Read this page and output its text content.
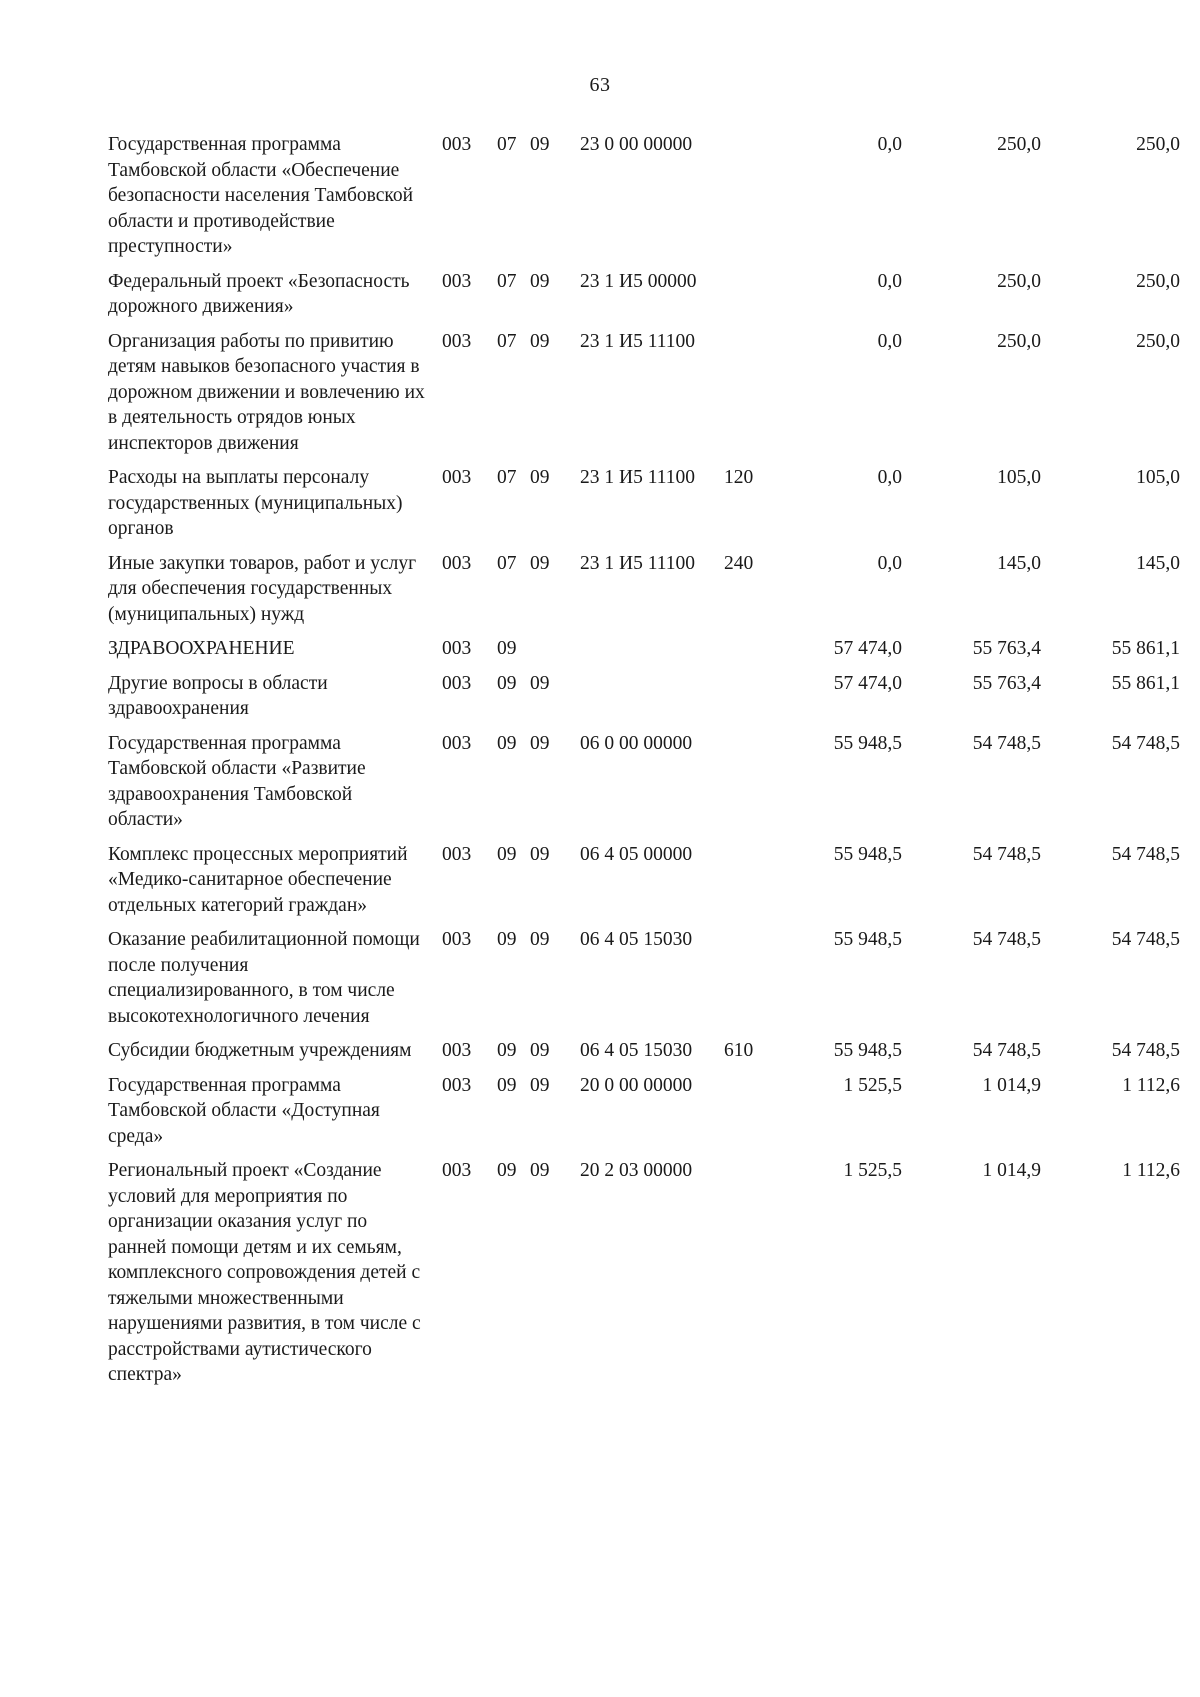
63
Государственная программа Тамбовской области «Обеспечение безопасности населения Тамбовской области и противодействие преступности»
003 07 09 23 0 00 00000	0,0	250,0	250,0
Федеральный проект «Безопасность дорожного движения»
003 07 09 23 1 И5 00000	0,0	250,0	250,0
Организация работы по привитию детям навыков безопасного участия в дорожном движении и вовлечению их в деятельность отрядов юных инспекторов движения
003 07 09 23 1 И5 11100	0,0	250,0	250,0
Расходы на выплаты персоналу государственных (муниципальных) органов
003 07 09 23 1 И5 11100 120	0,0	105,0	105,0
Иные закупки товаров, работ и услуг для обеспечения государственных (муниципальных) нужд
003 07 09 23 1 И5 11100 240	0,0	145,0	145,0
ЗДРАВООХРАНЕНИЕ	003 09	57 474,0	55 763,4	55 861,1
Другие вопросы в области здравоохранения
003 09 09	57 474,0	55 763,4	55 861,1
Государственная программа Тамбовской области «Развитие здравоохранения Тамбовской области»
003 09 09 06 0 00 00000	55 948,5	54 748,5	54 748,5
Комплекс процессных мероприятий «Медико-санитарное обеспечение отдельных категорий граждан»
003 09 09 06 4 05 00000	55 948,5	54 748,5	54 748,5
Оказание реабилитационной помощи после получения специализированного, в том числе высокотехнологичного лечения
003 09 09 06 4 05 15030	55 948,5	54 748,5	54 748,5
Субсидии бюджетным учреждениям	003 09 09 06 4 05 15030 610	55 948,5	54 748,5	54 748,5
Государственная программа Тамбовской области «Доступная среда»
003 09 09 20 0 00 00000	1 525,5	1 014,9	1 112,6
Региональный проект «Создание условий для мероприятия по организации оказания услуг по ранней помощи детям и их семьям, комплексного сопровождения детей с тяжелыми множественными нарушениями развития, в том числе с расстройствами аутистического спектра»
003 09 09 20 2 03 00000	1 525,5	1 014,9	1 112,6
